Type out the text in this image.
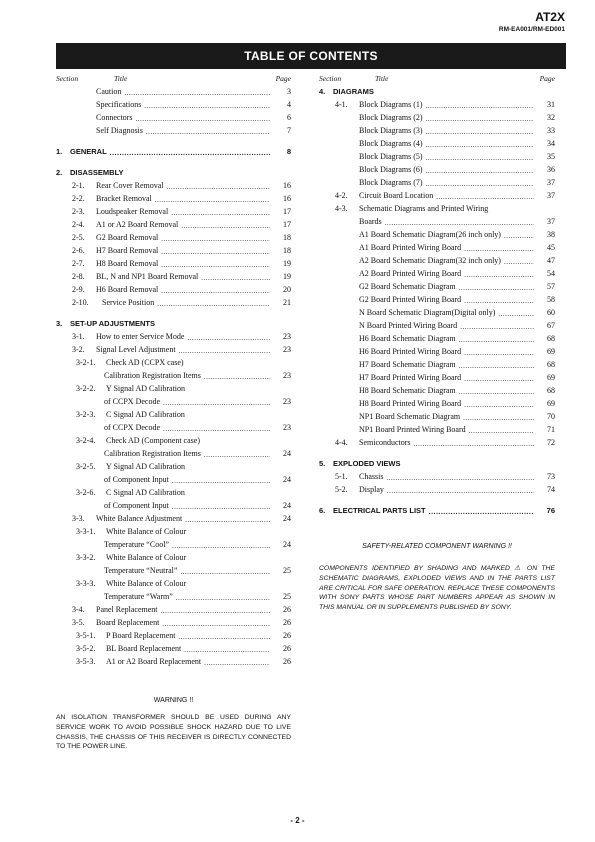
AT2X
RM-EA001/RM-ED001
TABLE OF CONTENTS
Section	Title	Page
Caution .....	3
Specifications .....	4
Connectors .....	6
Self Diagnosis .....	7
1.	GENERAL .....	8
2.	DISASSEMBLY
2-1.	Rear Cover Removal .....	16
2-2.	Bracket Removal .....	16
2-3.	Loudspeaker Removal .....	17
2-4.	A1 or A2 Board Removal .....	17
2-5.	G2 Board Removal .....	18
2-6.	H7 Board Removal .....	18
2-7.	H8 Board Removal .....	19
2-8.	BL, N and NP1 Board Removal .....	19
2-9.	H6 Board Removal .....	20
2-10.	Service Position .....	21
3.	SET-UP ADJUSTMENTS
3-1.	How to enter Service Mode .....	23
3-2.	Signal Level Adjustment .....	23
3-2-1.	Check AD (CCPX case)
Calibration Registration Items .....	23
3-2-2.	Y Signal AD Calibration
of CCPX Decode .....	23
3-2-3.	C Signal AD Calibration
of CCPX Decode .....	23
3-2-4.	Check AD (Component case)
Calibration Registration Items .....	24
3-2-5.	Y Signal AD Calibration
of Component Input .....	24
3-2-6.	C Signal AD Calibration
of Component Input .....	24
3-3.	White Balance Adjustment .....	24
3-3-1.	White Balance of Colour
Temperature “Cool” .....	24
3-3-2.	White Balance of Colour
Temperature “Neutral” .....	25
3-3-3.	White Balance of Colour
Temperature “Warm” .....	25
3-4.	Panel Replacement .....	26
3-5.	Board Replacement .....	26
3-5-1.	P Board Replacement .....	26
3-5-2.	BL Board Replacement .....	26
3-5-3.	A1 or A2 Board Replacement .....	26
Section	Title	Page
4.	DIAGRAMS
4-1.	Block Diagrams (1) .....	31
Block Diagrams (2) .....	32
Block Diagrams (3) .....	33
Block Diagrams (4) .....	34
Block Diagrams (5) .....	35
Block Diagrams (6) .....	36
Block Diagrams (7) .....	37
4-2.	Circuit Board Location .....	37
4-3.	Schematic Diagrams and Printed Wiring
Boards .....	37
A1 Board Schematic Diagram(26 inch only) .....	38
A1 Board Printed Wiring Board .....	45
A2 Board Schematic Diagram(32 inch only) .....	47
A2 Board Printed Wiring Board .....	54
G2 Board Schematic Diagram .....	57
G2 Board Printed Wiring Board .....	58
N Board Schematic Diagram(Digital only) .....	60
N Board Printed Wiring Board .....	67
H6 Board Schematic Diagram .....	68
H6 Board Printed Wiring Board .....	69
H7 Board Schematic Diagram .....	68
H7 Board Printed Wiring Board .....	69
H8 Board Schematic Diagram .....	68
H8 Board Printed Wiring Board .....	69
NP1 Board Schematic Diagram .....	70
NP1 Board Printed Wiring Board .....	71
4-4.	Semiconductors .....	72
5.	EXPLODED VIEWS
5-1.	Chassis .....	73
5-2.	Display .....	74
6.	ELECTRICAL PARTS LIST .....	76
WARNING !!
AN ISOLATION TRANSFORMER SHOULD BE USED DURING ANY SERVICE WORK TO AVOID POSSIBLE SHOCK HAZARD DUE TO LIVE CHASSIS, THE CHASSIS OF THIS RECEIVER IS DIRECTLY CONNECTED TO THE POWER LINE.
SAFETY-RELATED COMPONENT WARNING !!
COMPONENTS IDENTIFIED BY SHADING AND MARKED ⚠ ON THE SCHEMATIC DIAGRAMS, EXPLODED VIEWS AND IN THE PARTS LIST ARE CRITICAL FOR SAFE OPERATION. REPLACE THESE COMPONENTS WITH SONY PARTS WHOSE PART NUMBERS APPEAR AS SHOWN IN THIS MANUAL OR IN SUPPLEMENTS PUBLISHED BY SONY.
- 2 -
